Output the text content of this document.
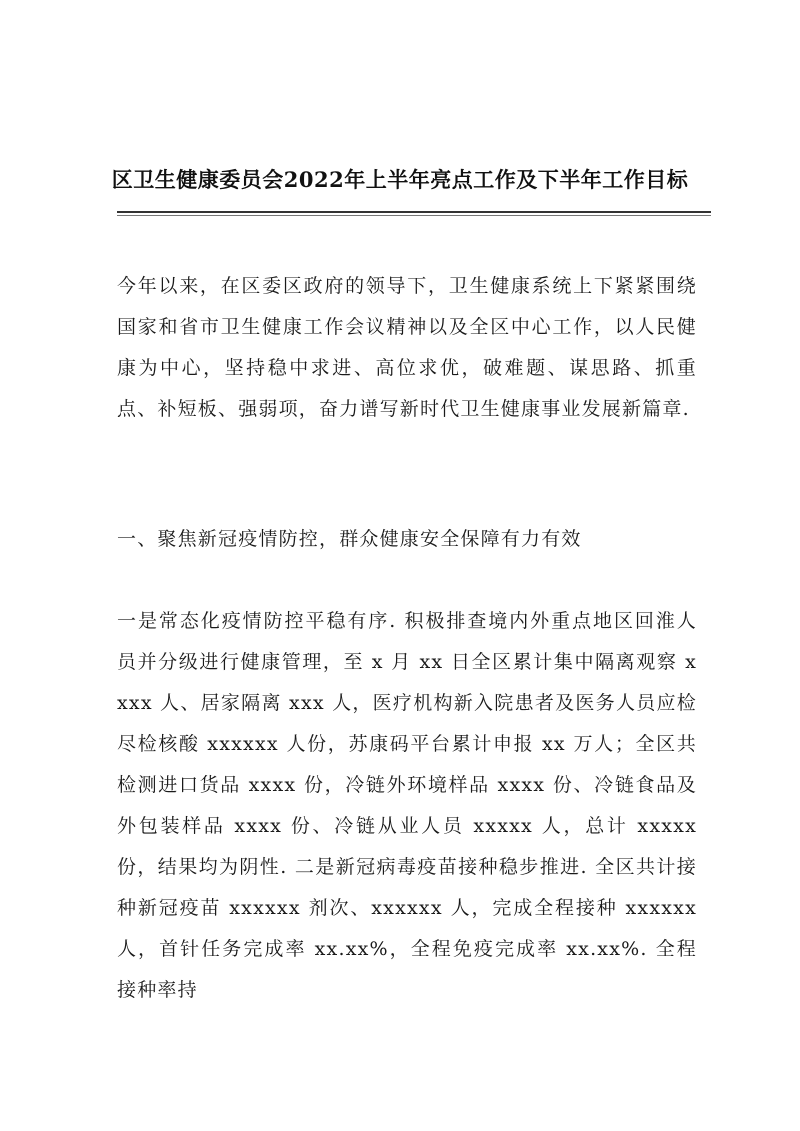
区卫生健康委员会2022年上半年亮点工作及下半年工作目标

今年以来，在区委区政府的领导下，卫生健康系统上下紧紧围绕国家和省市卫生健康工作会议精神以及全区中心工作，以人民健康为中心，坚持稳中求进、高位求优，破难题、谋思路、抓重点、补短板、强弱项，奋力谱写新时代卫生健康事业发展新篇章.

一、聚焦新冠疫情防控，群众健康安全保障有力有效

一是常态化疫情防控平稳有序. 积极排查境内外重点地区回淮人员并分级进行健康管理，至 x 月 xx 日全区累计集中隔离观察 xxxx 人、居家隔离 xxx 人，医疗机构新入院患者及医务人员应检尽检核酸 xxxxxx 人份，苏康码平台累计申报 xx 万人；全区共检测进口货品 xxxx 份，冷链外环境样品 xxxx 份、冷链食品及外包装样品 xxxx 份、冷链从业人员 xxxxx 人，总计 xxxxx 份，结果均为阴性. 二是新冠病毒疫苗接种稳步推进. 全区共计接种新冠疫苗 xxxxxx 剂次、xxxxxx 人，完成全程接种 xxxxxx 人，首针任务完成率 xx.xx%，全程免疫完成率 xx.xx%. 全程接种率持
